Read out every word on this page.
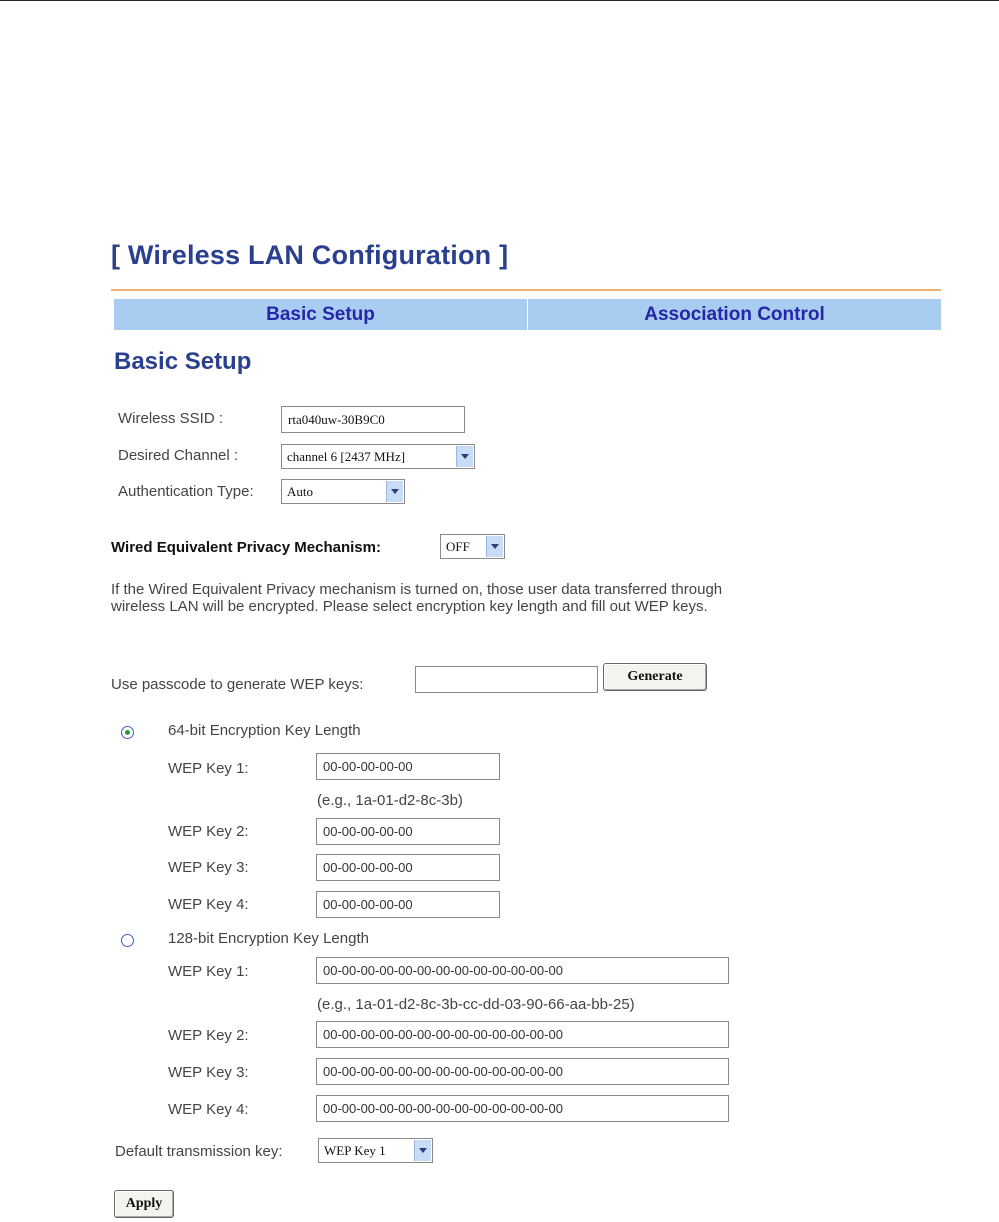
[ Wireless LAN Configuration ]
Basic Setup	Association Control
Basic Setup
Wireless SSID :	rta040uw-30B9C0
Desired Channel :	channel 6 [2437 MHz]
Authentication Type:	Auto
Wired Equivalent Privacy Mechanism:	OFF

If the Wired Equivalent Privacy mechanism is turned on, those user data transferred through wireless LAN will be encrypted. Please select encryption key length and fill out WEP keys.

Use passcode to generate WEP keys:	Generate
64-bit Encryption Key Length
WEP Key 1:	00-00-00-00-00
(e.g., 1a-01-d2-8c-3b)
WEP Key 2:	00-00-00-00-00
WEP Key 3:	00-00-00-00-00
WEP Key 4:	00-00-00-00-00
128-bit Encryption Key Length
WEP Key 1:	00-00-00-00-00-00-00-00-00-00-00-00-00
(e.g., 1a-01-d2-8c-3b-cc-dd-03-90-66-aa-bb-25)
WEP Key 2:	00-00-00-00-00-00-00-00-00-00-00-00-00
WEP Key 3:	00-00-00-00-00-00-00-00-00-00-00-00-00
WEP Key 4:	00-00-00-00-00-00-00-00-00-00-00-00-00
Default transmission key:	WEP Key 1
Apply
